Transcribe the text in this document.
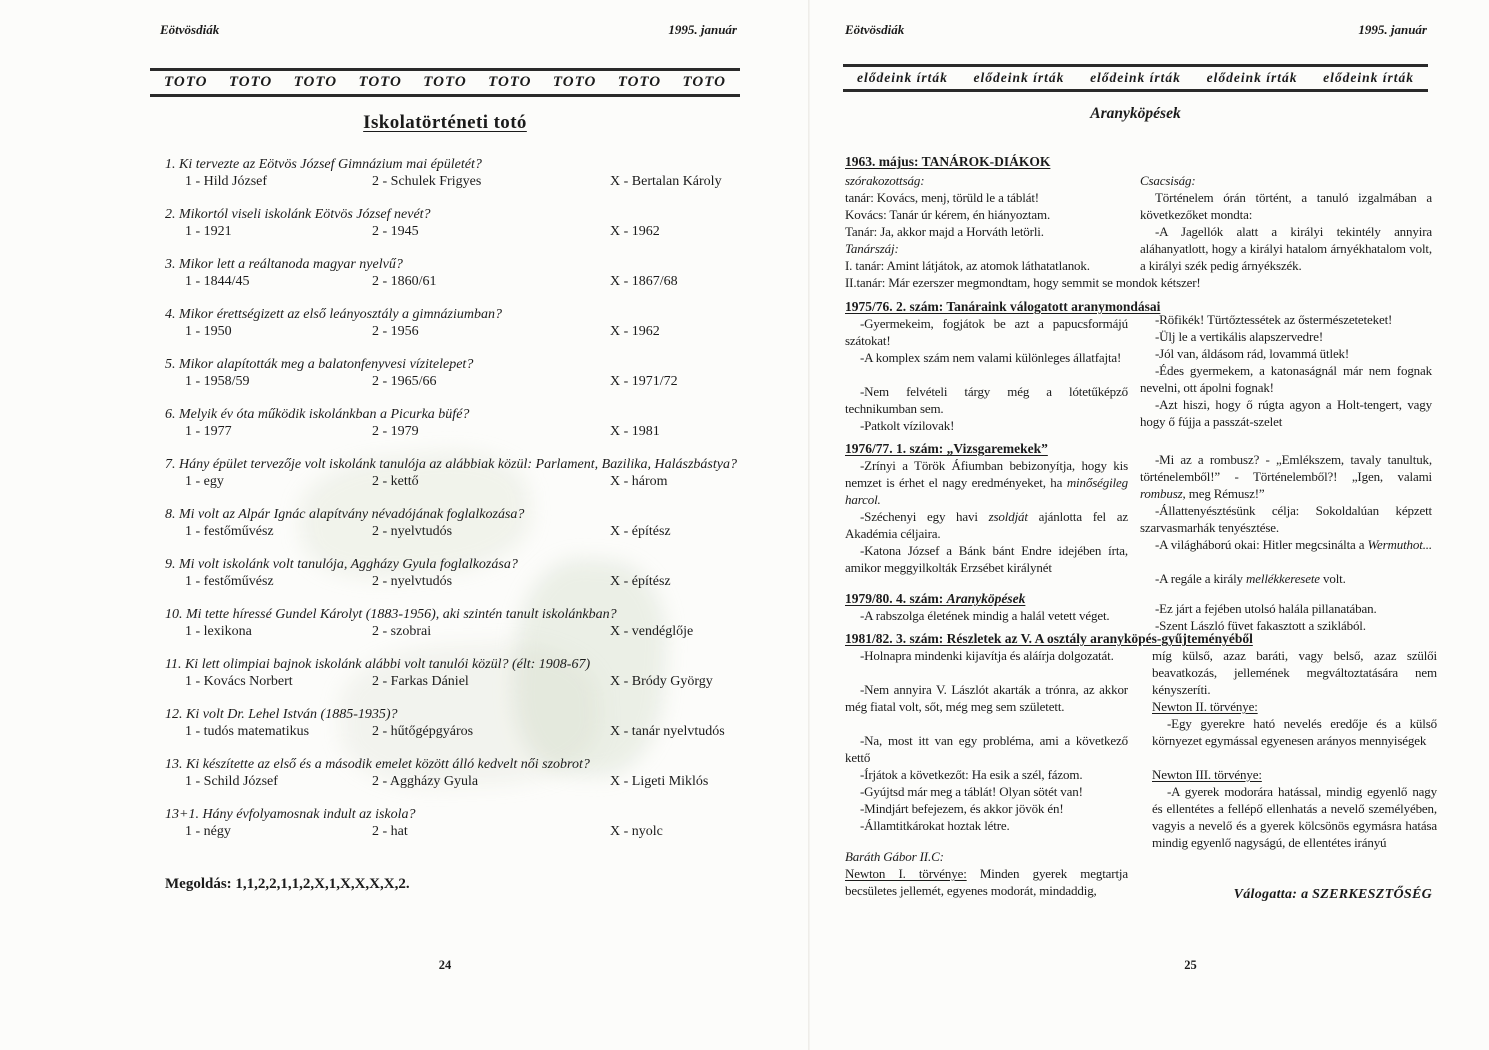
Eötvösdiák	1995. január
TOTO TOTO TOTO TOTO TOTO TOTO TOTO TOTO TOTO
Iskolatörténeti totó
1. Ki tervezte az Eötvös József Gimnázium mai épületét?
1 - Hild József	2 - Schulek Frigyes	X - Bertalan Károly
2. Mikortól viseli iskolánk Eötvös József nevét?
1 - 1921	2 - 1945	X - 1962
3. Mikor lett a reáltanoda magyar nyelvű?
1 - 1844/45	2 - 1860/61	X - 1867/68
4. Mikor érettségizett az első leányosztály a gimnáziumban?
1 - 1950	2 - 1956	X - 1962
5. Mikor alapították meg a balatonfenyvesi vízitelepet?
1 - 1958/59	2 - 1965/66	X - 1971/72
6. Melyik év óta működik iskolánkban a Picurka büfé?
1 - 1977	2 - 1979	X - 1981
7. Hány épület tervezője volt iskolánk tanulója az alábbiak közül: Parlament, Bazilika, Halászbástya?
1 - egy	2 - kettő	X - három
8. Mi volt az Alpár Ignác alapítvány névadójának foglalkozása?
1 - festőművész	2 - nyelvtudós	X - építész
9. Mi volt iskolánk volt tanulója, Aggházy Gyula foglalkozása?
1 - festőművész	2 - nyelvtudós	X - építész
10. Mi tette híressé Gundel Károlyt (1883-1956), aki szintén tanult iskolánkban?
1 - lexikona	2 - szobrai	X - vendéglője
11. Ki lett olimpiai bajnok iskolánk alábbi volt tanulói közül? (élt: 1908-67)
1 - Kovács Norbert	2 - Farkas Dániel	X - Bródy György
12. Ki volt Dr. Lehel István (1885-1935)?
1 - tudós matematikus	2 - hűtőgépgyáros	X - tanár nyelvtudós
13. Ki készítette az első és a második emelet között álló kedvelt női szobrot?
1 - Schild József	2 - Aggházy Gyula	X - Ligeti Miklós
13+1. Hány évfolyamosnak indult az iskola?
1 - négy	2 - hat	X - nyolc
Megoldás: 1,1,2,2,1,1,2,X,1,X,X,X,X,2.
24
Eötvösdiák	1995. január
elődeink írták elődeink írták elődeink írták elődeink írták elődeink írták
Aranyköpések
1963. május: TANÁROK-DIÁKOK
szórakozottság:
tanár: Kovács, menj, törüld le a táblát!
Kovács: Tanár úr kérem, én hiányoztam.
Tanár: Ja, akkor majd a Horváth letörli.
Tanárszáj:
I. tanár: Amint látjátok, az atomok láthatatlanok.
II.tanár: Már ezerszer megmondtam, hogy semmit se mondok kétszer!
1975/76. 2. szám: Tanáraink válogatott aranymondásai
-Gyermekeim, fogjátok be azt a papucsformájú szátokat!
-A komplex szám nem valami különleges állatfajta!
-Nem felvételi tárgy még a lótetűképző technikumban sem.
-Patkolt vízilovak!
1976/77. 1. szám: „Vizsgaremekek”
-Zrínyi a Török Áfiumban bebizonyítja, hogy kis nemzet is érhet el nagy eredményeket, ha minőségileg harcol.
-Széchenyi egy havi zsoldját ajánlotta fel az Akadémia céljaira.
-Katona József a Bánk bánt Endre idejében írta, amikor meggyilkolták Erzsébet királynét
1979/80. 4. szám: Aranyköpések
-A rabszolga életének mindig a halál vetett véget.
1981/82. 3. szám: Részletek az V. A osztály aranyköpés-gyűjteményéből
-Holnapra mindenki kijavítja és aláírja dolgozatát.
-Nem annyira V. Lászlót akarták a trónra, az akkor még fiatal volt, sőt, még meg sem született.
-Na, most itt van egy probléma, ami a következő kettő
-Írjátok a következőt: Ha esik a szél, fázom.
-Gyújtsd már meg a táblát! Olyan sötét van!
-Mindjárt befejezem, és akkor jövök én!
-Államtitkárokat hoztak létre.
Baráth Gábor II.C:
Newton I. törvénye: Minden gyerek megtartja becsületes jellemét, egyenes modorát, mindaddig,
Csacsiság:
Történelem órán történt, a tanuló izgalmában a következőket mondta:
-A Jagellók alatt a királyi tekintély annyira aláhanyatlott, hogy a királyi hatalom árnyékhatalom volt, a királyi szék pedig árnyékszék.
-Röfikék! Türtőztessétek az őstermészeteteket!
-Ülj le a vertikális alapszervedre!
-Jól van, áldásom rád, lovammá ütlek!
-Édes gyermekem, a katonaságnál már nem fognak nevelni, ott ápolni fognak!
-Azt hiszi, hogy ő rúgta agyon a Holt-tengert, vagy hogy ő fújja a passzát-szelet
-Mi az a rombusz? - „Emlékszem, tavaly tanultuk, történelemből!” - Történelemből?! „Igen, valami rombusz, meg Rémusz!”
-Állattenyésztésünk célja: Sokoldalúan képzett szarvasmarhák tenyésztése.
-A világháború okai: Hitler megcsinálta a Wermuthot...
-A regále a király mellékkeresete volt.
-Ez járt a fejében utolsó halála pillanatában.
-Szent László füvet fakasztott a sziklából.
míg külső, azaz baráti, vagy belső, azaz szülői beavatkozás, jellemének megváltoztatására nem kényszeríti.
Newton II. törvénye:
-Egy gyerekre ható nevelés eredője és a külső környezet egymással egyenesen arányos mennyiségek
Newton III. törvénye:
-A gyerek modorára hatással, mindig egyenlő nagy és ellentétes a fellépő ellenhatás a nevelő személyében, vagyis a nevelő és a gyerek kölcsönös egymásra hatása mindig egyenlő nagyságú, de ellentétes irányú
Válogatta: a SZERKESZTŐSÉG
25
